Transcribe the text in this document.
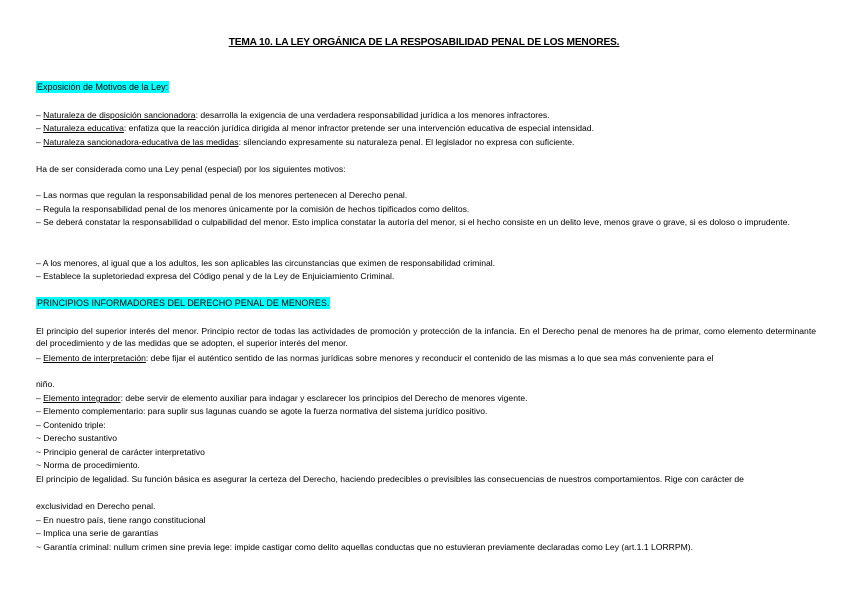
TEMA 10. LA LEY ORGÁNICA DE LA RESPOSABILIDAD PENAL DE LOS MENORES.
Exposición de Motivos de la Ley:
– Naturaleza de disposición sancionadora: desarrolla la exigencia de una verdadera responsabilidad jurídica a los menores infractores.
– Naturaleza educativa: enfatiza que la reacción jurídica dirigida al menor infractor pretende ser una intervención educativa de especial intensidad.
– Naturaleza sancionadora-educativa de las medidas: silenciando expresamente su naturaleza penal. El legislador no expresa con suficiente.
Ha de ser considerada como una Ley penal (especial) por los siguientes motivos:
– Las normas que regulan la responsabilidad penal de los menores pertenecen al Derecho penal.
– Regula la responsabilidad penal de los menores únicamente por la comisión de hechos tipificados como delitos.
– Se deberá constatar la responsabilidad o culpabilidad del menor. Esto implica constatar la autoría del menor, si el hecho consiste en un delito leve, menos grave o grave, si es doloso o imprudente.
– A los menores, al igual que a los adultos, les son aplicables las circunstancias que eximen de responsabilidad criminal.
– Establece la supletoriedad expresa del Código penal y de la Ley de Enjuiciamiento Criminal.
PRINCIPIOS INFORMADORES DEL DERECHO PENAL DE MENORES.
El principio del superior interés del menor. Principio rector de todas las actividades de promoción y protección de la infancia. En el Derecho penal de menores ha de primar, como elemento determinante del procedimiento y de las medidas que se adopten, el superior interés del menor.
– Elemento de interpretación: debe fijar el auténtico sentido de las normas jurídicas sobre menores y reconducir el contenido de las mismas a lo que sea más conveniente para el
niño.
– Elemento integrador: debe servir de elemento auxiliar para indagar y esclarecer los principios del Derecho de menores vigente.
– Elemento complementario: para suplir sus lagunas cuando se agote la fuerza normativa del sistema jurídico positivo.
– Contenido triple:
~ Derecho sustantivo
~ Principio general de carácter interpretativo
~ Norma de procedimiento.
El principio de legalidad. Su función básica es asegurar la certeza del Derecho, haciendo predecibles o previsibles las consecuencias de nuestros comportamientos. Rige con carácter de
exclusividad en Derecho penal.
– En nuestro país, tiene rango constitucional
– Implica una serie de garantías
~ Garantía criminal: nullum crimen sine previa lege: impide castigar como delito aquellas conductas que no estuvieran previamente declaradas como Ley (art.1.1 LORRPM).
